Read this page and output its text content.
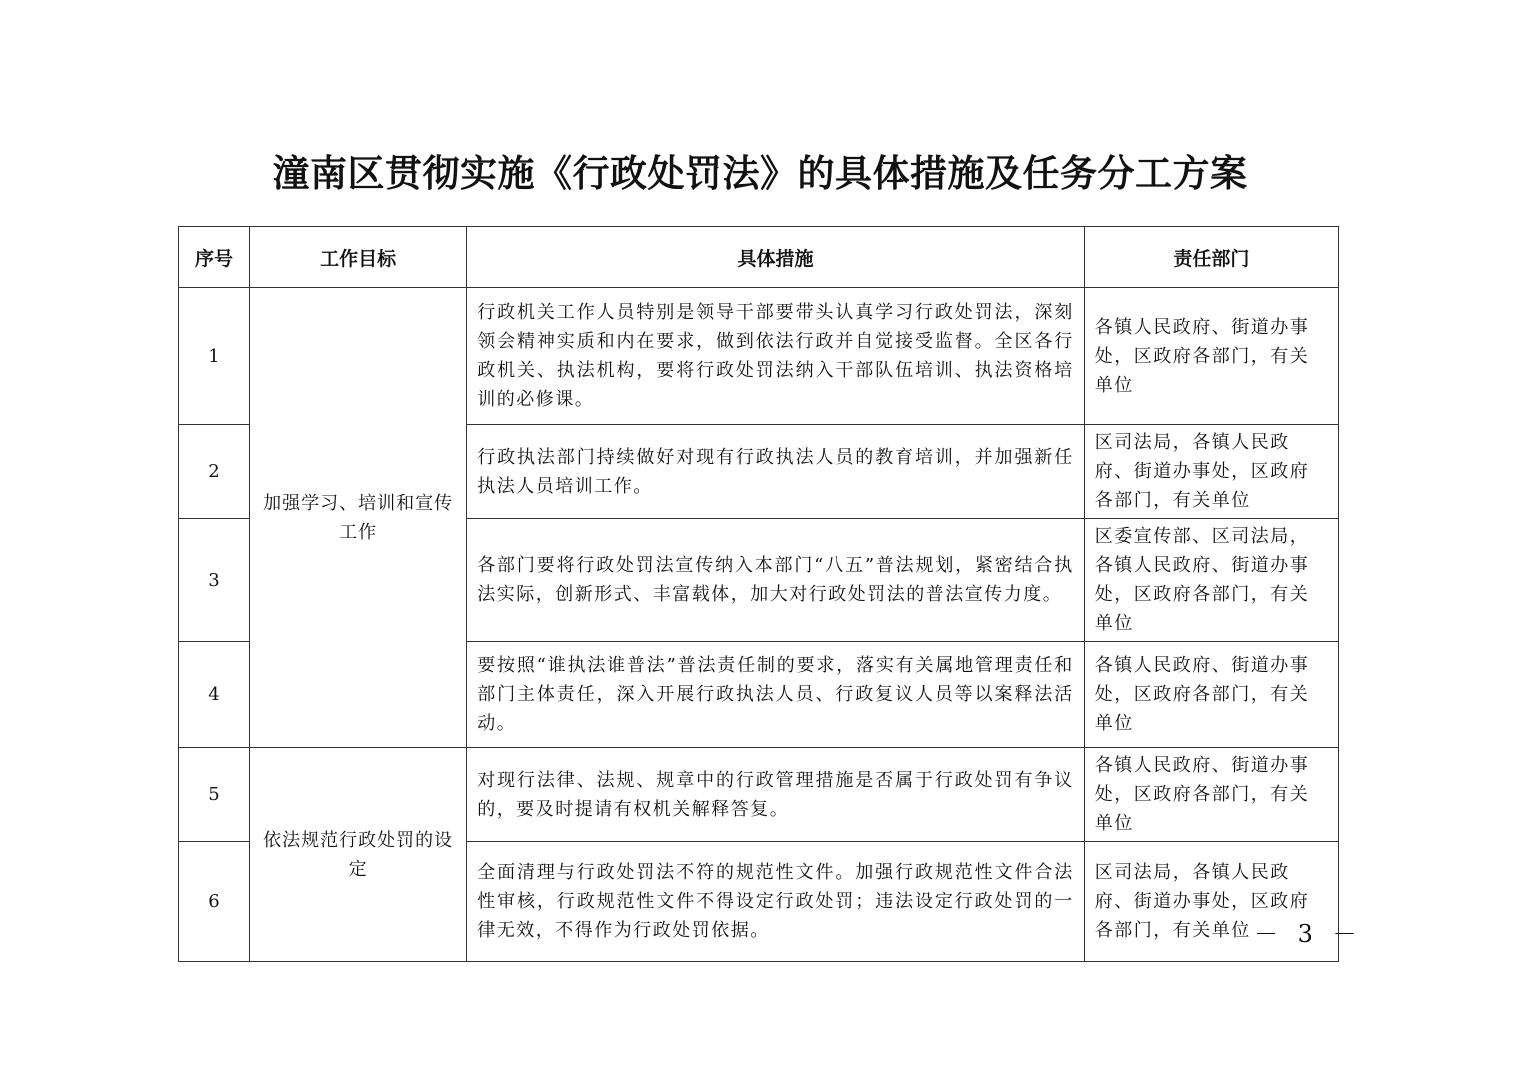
潼南区贯彻实施《行政处罚法》的具体措施及任务分工方案
序号	工作目标	具体措施	责任部门
1	加强学习、培训和宣传工作	行政机关工作人员特别是领导干部要带头认真学习行政处罚法，深刻领会精神实质和内在要求，做到依法行政并自觉接受监督。全区各行政机关、执法机构，要将行政处罚法纳入干部队伍培训、执法资格培训的必修课。	各镇人民政府、街道办事处，区政府各部门，有关单位
2		行政执法部门持续做好对现有行政执法人员的教育培训，并加强新任执法人员培训工作。	区司法局，各镇人民政府、街道办事处，区政府各部门，有关单位
3		各部门要将行政处罚法宣传纳入本部门“八五”普法规划，紧密结合执法实际，创新形式、丰富载体，加大对行政处罚法的普法宣传力度。	区委宣传部、区司法局，各镇人民政府、街道办事处，区政府各部门，有关单位
4		要按照“谁执法谁普法”普法责任制的要求，落实有关属地管理责任和部门主体责任，深入开展行政执法人员、行政复议人员等以案释法活动。	各镇人民政府、街道办事处，区政府各部门，有关单位
5	依法规范行政处罚的设定	对现行法律、法规、规章中的行政管理措施是否属于行政处罚有争议的，要及时提请有权机关解释答复。	各镇人民政府、街道办事处，区政府各部门，有关单位
6		全面清理与行政处罚法不符的规范性文件。加强行政规范性文件合法性审核，行政规范性文件不得设定行政处罚；违法设定行政处罚的一律无效，不得作为行政处罚依据。	区司法局，各镇人民政府、街道办事处，区政府各部门，有关单位 － 3 －
